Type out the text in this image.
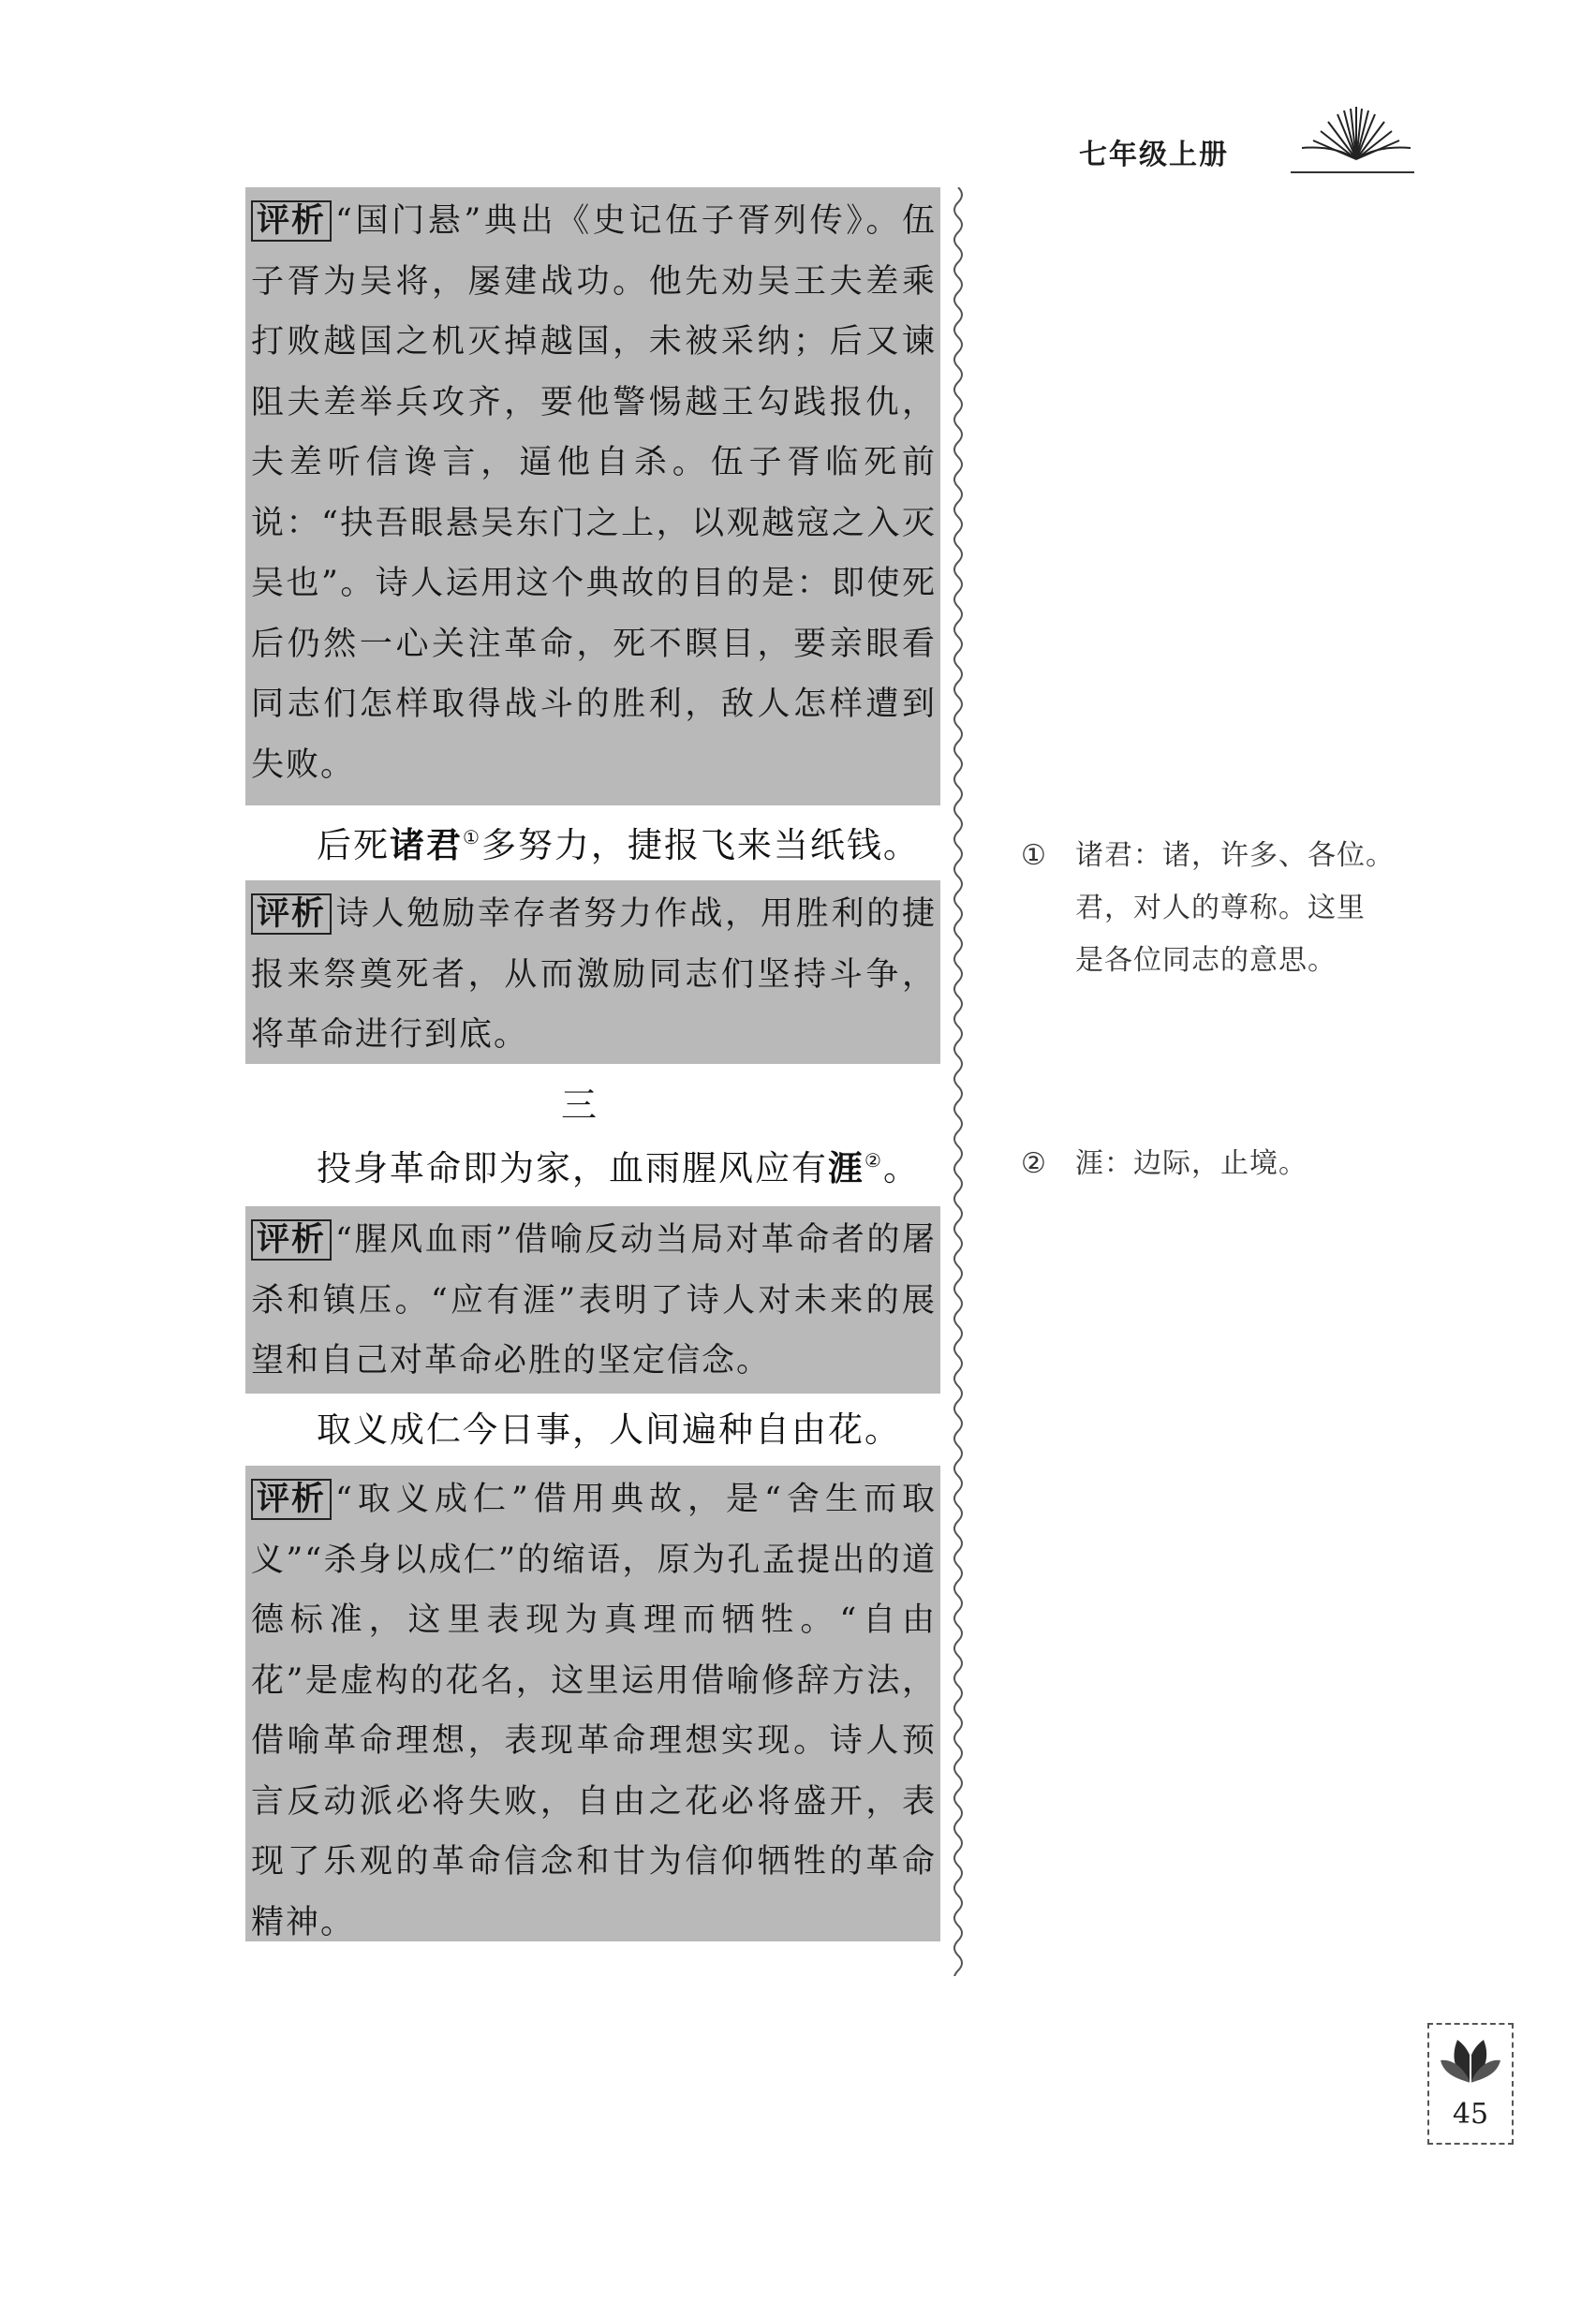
七年级上册
评析 “国门悬”典出《史记伍子胥列传》。伍子胥为吴将，屡建战功。他先劝吴王夫差乘打败越国之机灭掉越国，未被采纳；后又谏阻夫差举兵攻齐，要他警惕越王勾践报仇，夫差听信谗言，逼他自杀。伍子胥临死前说：“抉吾眼悬吴东门之上，以观越寇之入灭吴也”。诗人运用这个典故的目的是：即使死后仍然一心关注革命，死不瞑目，要亲眼看同志们怎样取得战斗的胜利，敌人怎样遭到失败。
后死诸君①多努力，捷报飞来当纸钱。
评析 诗人勉励幸存者努力作战，用胜利的捷报来祭奠死者，从而激励同志们坚持斗争，将革命进行到底。
三
投身革命即为家，血雨腥风应有涯②。
评析 “腥风血雨”借喻反动当局对革命者的屠杀和镇压。“应有涯”表明了诗人对未来的展望和自己对革命必胜的坚定信念。
取义成仁今日事，人间遍种自由花。
评析 “取义成仁”借用典故，是“舍生而取义”“杀身以成仁”的缩语，原为孔孟提出的道德标准，这里表现为真理而牺牲。“自由花”是虚构的花名，这里运用借喻修辞方法，借喻革命理想，表现革命理想实现。诗人预言反动派必将失败，自由之花必将盛开，表现了乐观的革命信念和甘为信仰牺牲的革命精神。
① 诸君：诸，许多、各位。
君，对人的尊称。这里
是各位同志的意思。
② 涯：边际，止境。
45
